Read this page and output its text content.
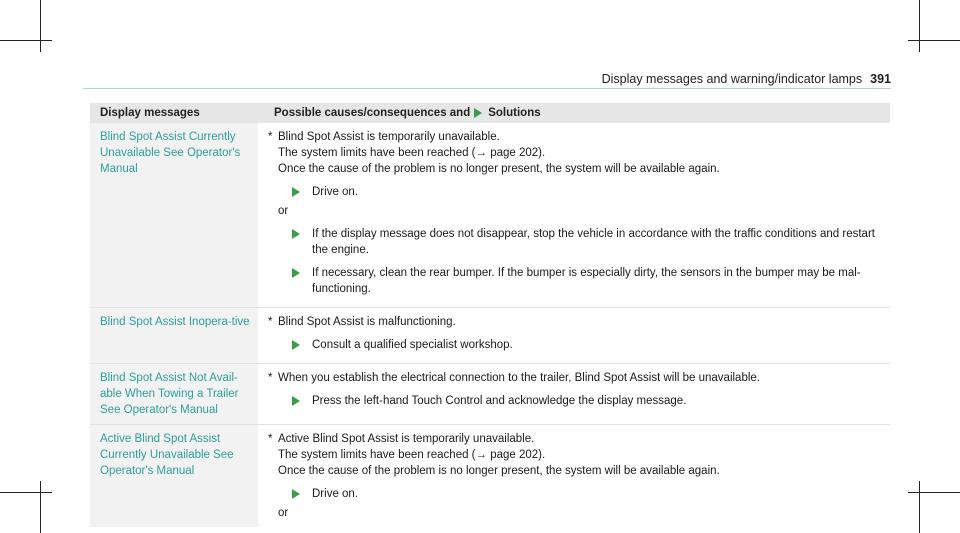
Display messages and warning/indicator lamps 391
Display messages	Possible causes/consequences and Solutions
Blind Spot Assist Currently Unavailable See Operator's Manual
* Blind Spot Assist is temporarily unavailable.
The system limits have been reached (→ page 202).
Once the cause of the problem is no longer present, the system will be available again.
Drive on.
or
If the display message does not disappear, stop the vehicle in accordance with the traffic conditions and restart the engine.
If necessary, clean the rear bumper. If the bumper is especially dirty, the sensors in the bumper may be mal-functioning.
Blind Spot Assist Inopera-tive	* Blind Spot Assist is malfunctioning.
Consult a qualified specialist workshop.
Blind Spot Assist Not Avail-able When Towing a Trailer See Operator's Manual
* When you establish the electrical connection to the trailer, Blind Spot Assist will be unavailable.
Press the left-hand Touch Control and acknowledge the display message.
Active Blind Spot Assist Currently Unavailable See Operator's Manual
* Active Blind Spot Assist is temporarily unavailable.
The system limits have been reached (→ page 202).
Once the cause of the problem is no longer present, the system will be available again.
Drive on.
or
